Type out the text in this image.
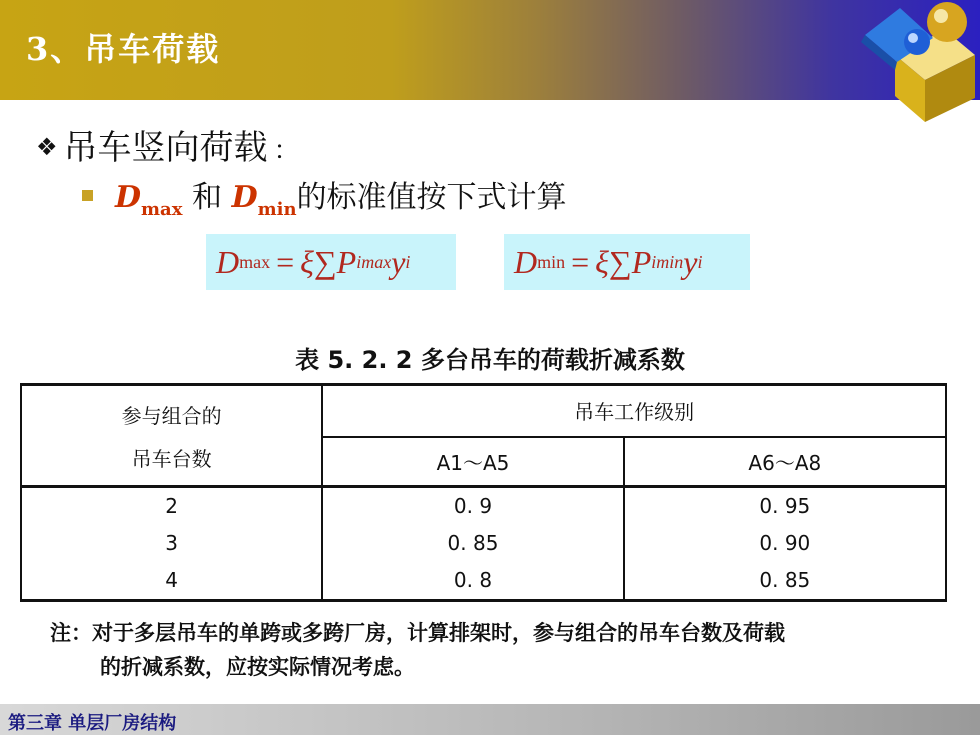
3、吊车荷载
❖ 吊车竖向荷载 ：
$D_{max}$ 和 $D_{min}$的标准值按下式计算
D max = ξ ∑ P imax y i	D min = ξ ∑ P imin y i
表 5. 2. 2 多台吊车的荷载折减系数
参与组合的
吊车台数	吊车工作级别	
	A1～A5	A6～A8
2	0. 9	0. 95
3	0. 85	0. 90
4	0. 8	0. 85
注：对于多层吊车的单跨或多跨厂房，计算排架时，参与组合的吊车台数及荷载
的折减系数，应按实际情况考虑。
第三章 单层厂房结构
